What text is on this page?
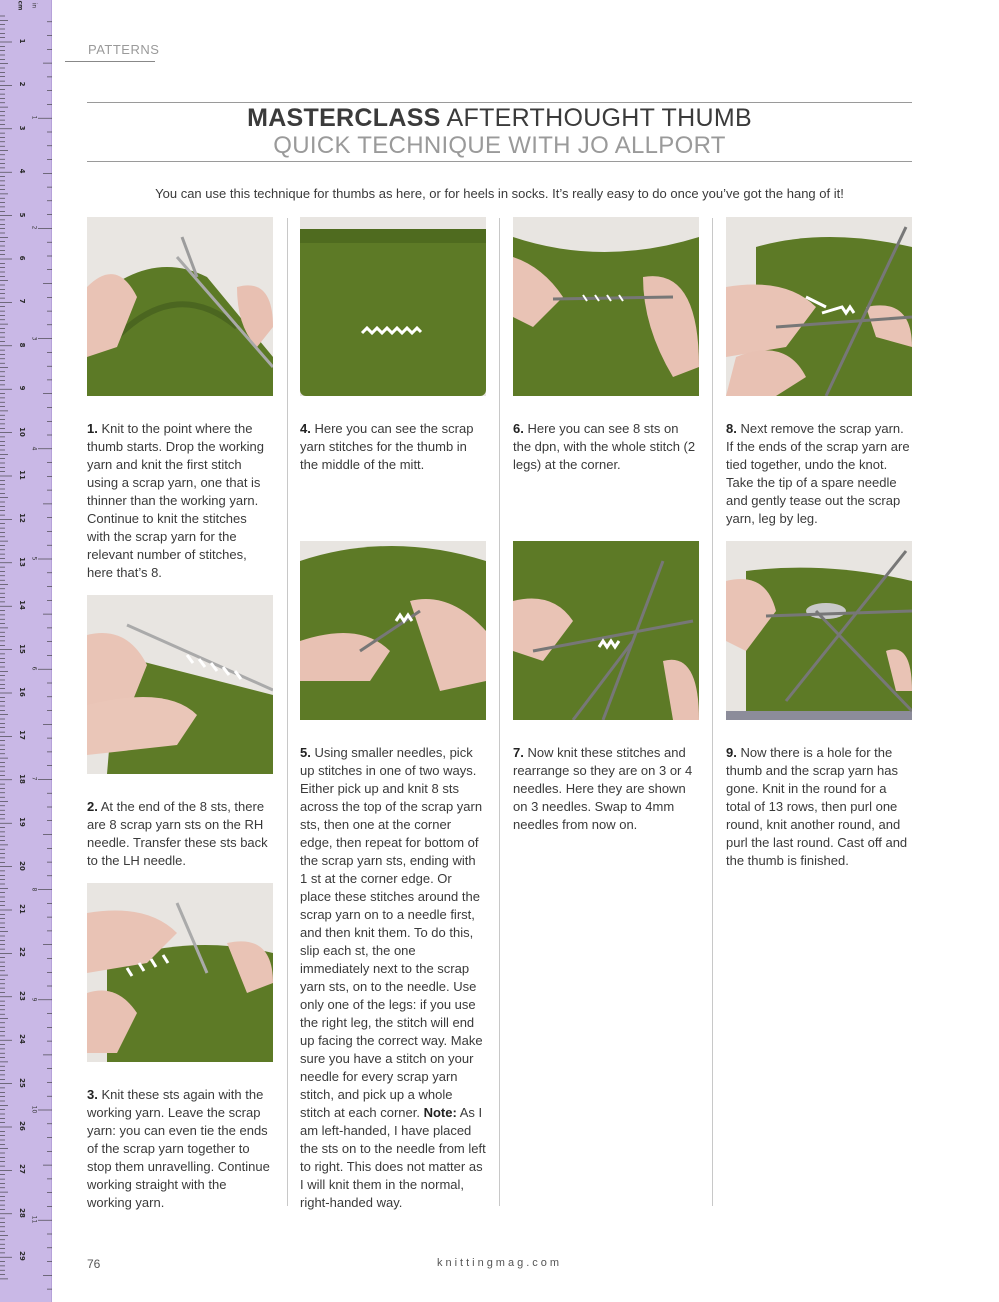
cm in
1
2
3
4
5
6
7
8
9
10
11
12
13
14
15
16
17
18
19
20
21
22
23
24
25
26
27
28
29
1
2
3
4
5
6
7
8
9
10
11
PATTERNS
MASTERCLASS AFTERTHOUGHT THUMB
QUICK TECHNIQUE WITH JO ALLPORT
You can use this technique for thumbs as here, or for heels in socks. It’s really easy to do once you’ve got the hang of it!
1. Knit to the point where the thumb starts. Drop the working yarn and knit the first stitch using a scrap yarn, one that is thinner than the working yarn. Continue to knit the stitches with the scrap yarn for the relevant number of stitches, here that’s 8.
2. At the end of the 8 sts, there are 8 scrap yarn sts on the RH needle. Transfer these sts back to the LH needle.
3. Knit these sts again with the working yarn. Leave the scrap yarn: you can even tie the ends of the scrap yarn together to stop them unravelling. Continue working straight with the working yarn.
4. Here you can see the scrap yarn stitches for the thumb in the middle of the mitt.
5. Using smaller needles, pick up stitches in one of two ways. Either pick up and knit 8 sts across the top of the scrap yarn sts, then one at the corner edge, then repeat for bottom of the scrap yarn sts, ending with 1 st at the corner edge. Or place these stitches around the scrap yarn on to a needle first, and then knit them. To do this, slip each st, the one immediately next to the scrap yarn sts, on to the needle. Use only one of the legs: if you use the right leg, the stitch will end up facing the correct way. Make sure you have a stitch on your needle for every scrap yarn stitch, and pick up a whole stitch at each corner. Note: As I am left-handed, I have placed the sts on to the needle from left to right. This does not matter as I will knit them in the normal, right-handed way.
6. Here you can see 8 sts on the dpn, with the whole stitch (2 legs) at the corner.
7. Now knit these stitches and rearrange so they are on 3 or 4 needles. Here they are shown on 3 needles. Swap to 4mm needles from now on.
8. Next remove the scrap yarn. If the ends of the scrap yarn are tied together, undo the knot. Take the tip of a spare needle and gently tease out the scrap yarn, leg by leg.
9. Now there is a hole for the thumb and the scrap yarn has gone. Knit in the round for a total of 13 rows, then purl one round, knit another round, and purl the last round. Cast off and the thumb is finished.
76	knittingmag.com
